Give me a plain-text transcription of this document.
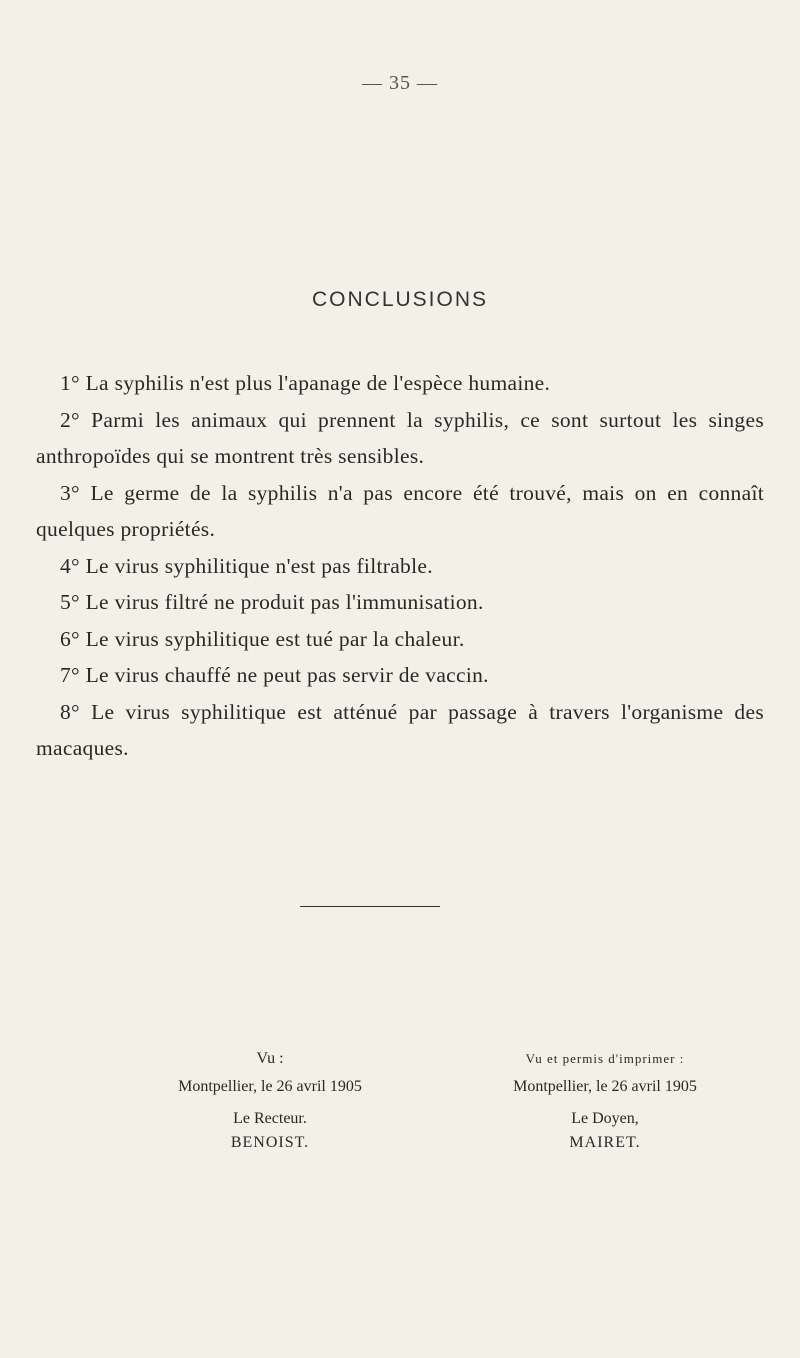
— 35 —
CONCLUSIONS

1° La syphilis n'est plus l'apanage de l'espèce humaine.

2° Parmi les animaux qui prennent la syphilis, ce sont surtout les singes anthropoïdes qui se montrent très sensibles.

3° Le germe de la syphilis n'a pas encore été trouvé, mais on en connaît quelques propriétés.

4° Le virus syphilitique n'est pas filtrable.

5° Le virus filtré ne produit pas l'immunisation.

6° Le virus syphilitique est tué par la chaleur.

7° Le virus chauffé ne peut pas servir de vaccin.

8° Le virus syphilitique est atténué par passage à travers l'organisme des macaques.

Vu :
Montpellier, le 26 avril 1905
Le Recteur.
BENOIST.
Vu et permis d'imprimer :
Montpellier, le 26 avril 1905
Le Doyen,
MAIRET.
